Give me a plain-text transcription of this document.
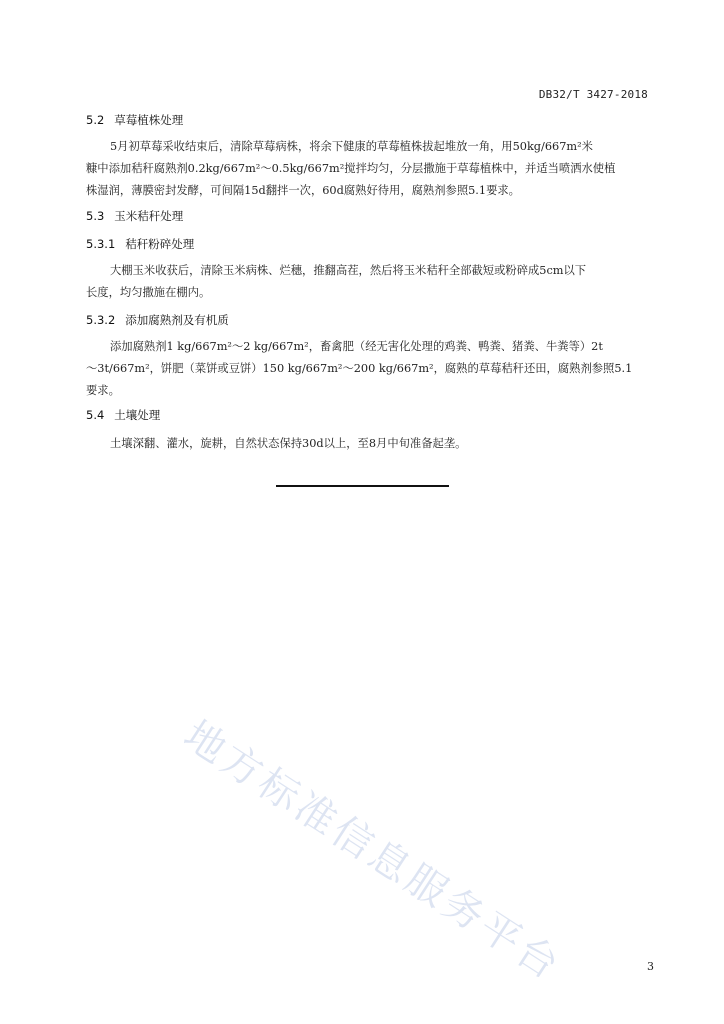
DB32/T 3427-2018
5.2 草莓植株处理
5月初草莓采收结束后，清除草莓病株，将余下健康的草莓植株拔起堆放一角，用50kg/667m²米
糠中添加秸秆腐熟剂0.2kg/667m²～0.5kg/667m²搅拌均匀，分层撒施于草莓植株中，并适当喷洒水使植
株湿润，薄膜密封发酵，可间隔15d翻拌一次，60d腐熟好待用，腐熟剂参照5.1要求。
5.3 玉米秸秆处理
5.3.1 秸秆粉碎处理
大棚玉米收获后，清除玉米病株、烂穗，推翻高茬，然后将玉米秸秆全部截短或粉碎成5cm以下
长度，均匀撒施在棚内。
5.3.2 添加腐熟剂及有机质
添加腐熟剂1 kg/667m²～2 kg/667m²，畜禽肥（经无害化处理的鸡粪、鸭粪、猪粪、牛粪等）2t
～3t/667m²，饼肥（菜饼或豆饼）150 kg/667m²～200 kg/667m²，腐熟的草莓秸秆还田，腐熟剂参照5.1
要求。
5.4 土壤处理
土壤深翻、灌水，旋耕，自然状态保持30d以上，至8月中旬准备起垄。
地方标准信息服务平台	3
